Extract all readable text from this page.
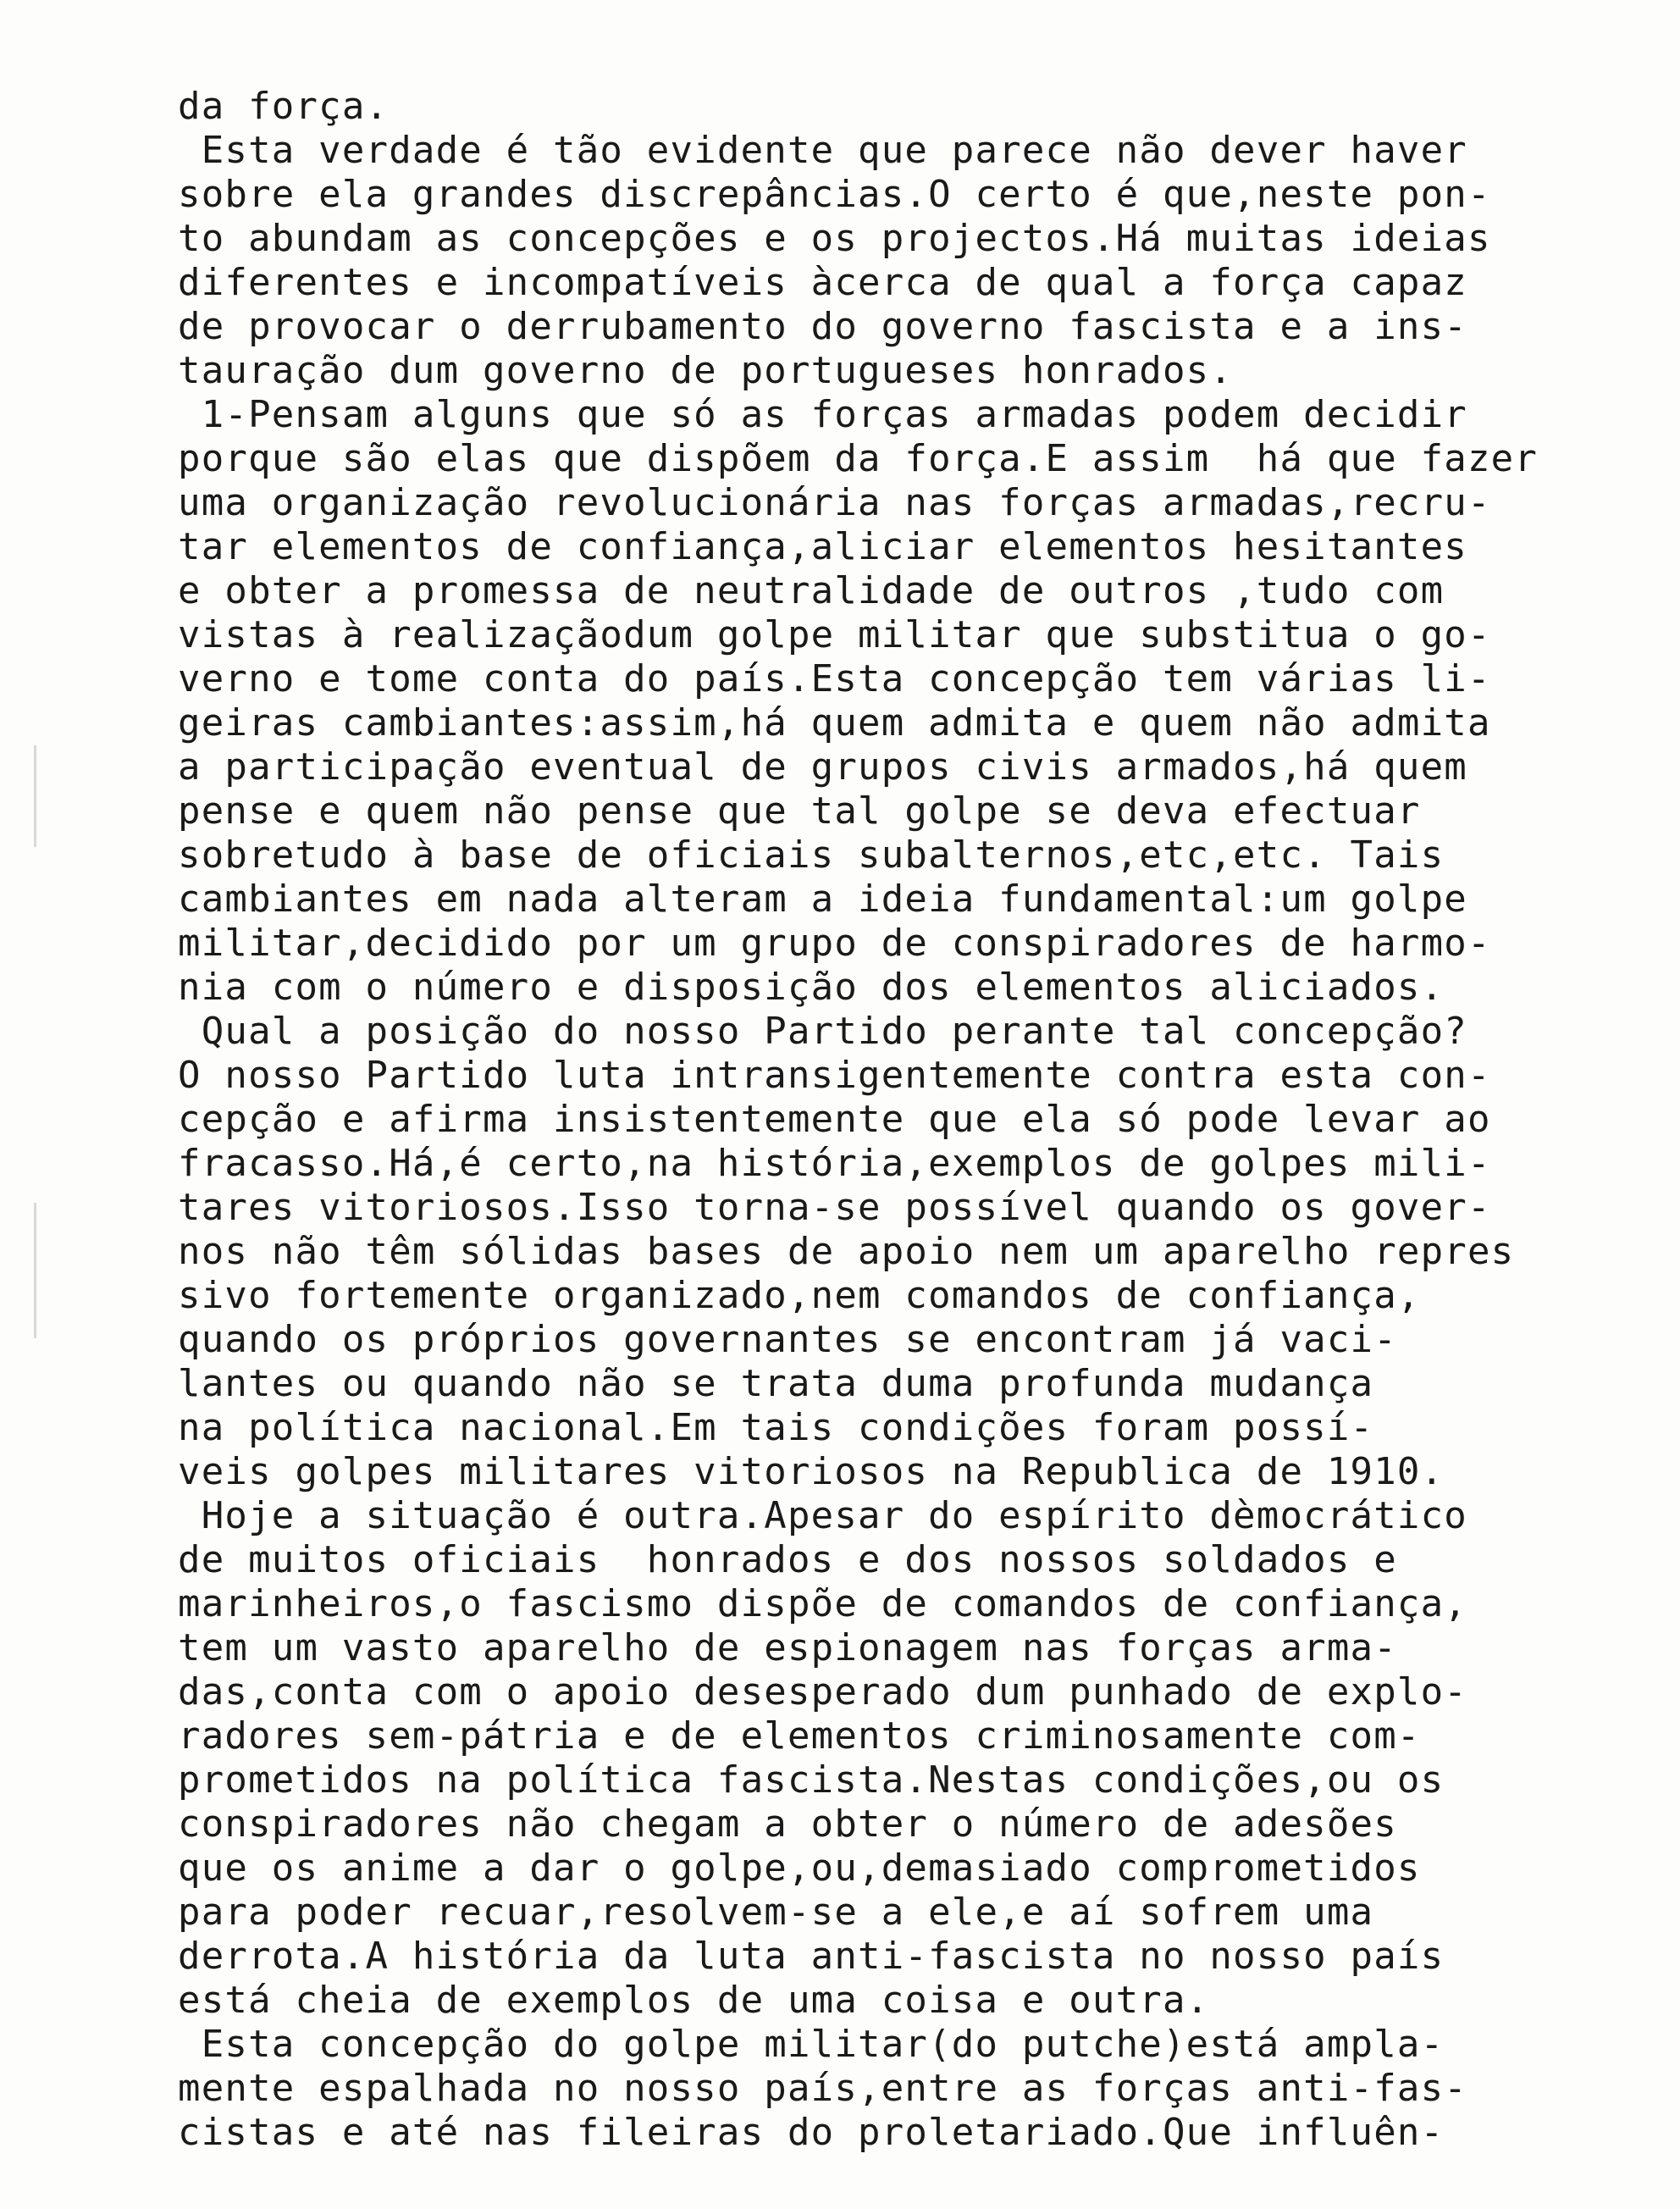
da força.
Esta verdade é tão evidente que parece não dever haver
sobre ela grandes discrepâncias.O certo é que,neste pon-
to abundam as concepções e os projectos.Há muitas ideias
diferentes e incompatíveis àcerca de qual a força capaz
de provocar o derrubamento do governo fascista e a ins-
tauração dum governo de portugueses honrados.
1-Pensam alguns que só as forças armadas podem decidir
porque são elas que dispõem da força.E assim  há que fazer
uma organização revolucionária nas forças armadas,recru-
tar elementos de confiança,aliciar elementos hesitantes
e obter a promessa de neutralidade de outros ,tudo com
vistas à realizaçãodum golpe militar que substitua o go-
verno e tome conta do país.Esta concepção tem várias li-
geiras cambiantes:assim,há quem admita e quem não admita
a participação eventual de grupos civis armados,há quem
pense e quem não pense que tal golpe se deva efectuar
sobretudo à base de oficiais subalternos,etc,etc. Tais
cambiantes em nada alteram a ideia fundamental:um golpe
militar,decidido por um grupo de conspiradores de harmo-
nia com o número e disposição dos elementos aliciados.
Qual a posição do nosso Partido perante tal concepção?
O nosso Partido luta intransigentemente contra esta con-
cepção e afirma insistentemente que ela só pode levar ao
fracasso.Há,é certo,na história,exemplos de golpes mili-
tares vitoriosos.Isso torna-se possível quando os gover-
nos não têm sólidas bases de apoio nem um aparelho repres
sivo fortemente organizado,nem comandos de confiança,
quando os próprios governantes se encontram já vaci-
lantes ou quando não se trata duma profunda mudança
na política nacional.Em tais condições foram possí-
veis golpes militares vitoriosos na Republica de 1910.
Hoje a situação é outra.Apesar do espírito dèmocrático
de muitos oficiais  honrados e dos nossos soldados e
marinheiros,o fascismo dispõe de comandos de confiança,
tem um vasto aparelho de espionagem nas forças arma-
das,conta com o apoio desesperado dum punhado de explo-
radores sem-pátria e de elementos criminosamente com-
prometidos na política fascista.Nestas condições,ou os
conspiradores não chegam a obter o número de adesões
que os anime a dar o golpe,ou,demasiado comprometidos
para poder recuar,resolvem-se a ele,e aí sofrem uma
derrota.A história da luta anti-fascista no nosso país
está cheia de exemplos de uma coisa e outra.
Esta concepção do golpe militar(do putche)está ampla-
mente espalhada no nosso país,entre as forças anti-fas-
cistas e até nas fileiras do proletariado.Que influên-
